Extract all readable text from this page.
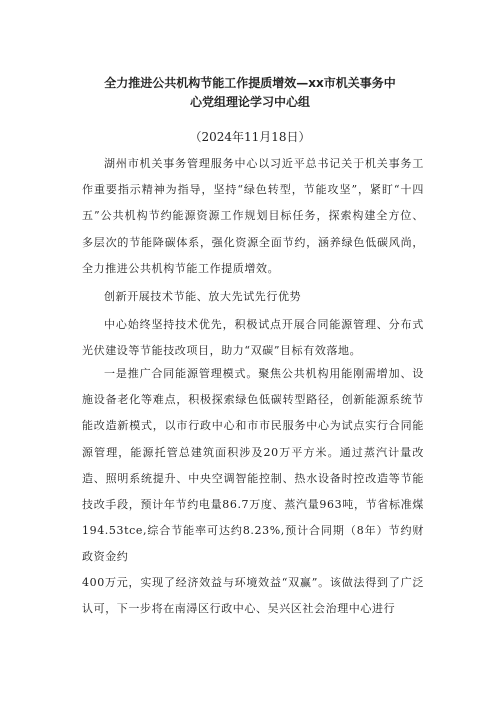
全力推进公共机构节能工作提质增效—xx市机关事务中
心党组理论学习中心组

（2024年11月18日）

湖州市机关事务管理服务中心以习近平总书记关于机关事务工作重要指示精神为指导，坚持“绿色转型，节能攻坚”，紧盯“十四五”公共机构节约能源资源工作规划目标任务，探索构建全方位、多层次的节能降碳体系，强化资源全面节约，涵养绿色低碳风尚，全力推进公共机构节能工作提质增效。

创新开展技术节能、放大先试先行优势

中心始终坚持技术优先，积极试点开展合同能源管理、分布式光伏建设等节能技改项目，助力“双碳”目标有效落地。

一是推广合同能源管理模式。聚焦公共机构用能刚需增加、设施设备老化等难点，积极探索绿色低碳转型路径，创新能源系统节能改造新模式，以市行政中心和市市民服务中心为试点实行合同能源管理，能源托管总建筑面积涉及20万平方米。通过蒸汽计量改造、照明系统提升、中央空调智能控制、热水设备时控改造等节能技改手段，预计年节约电量86.7万度、蒸汽量963吨，节省标准煤194.53tce,综合节能率可达约8.23%,预计合同期（8年）节约财政资金约

400万元，实现了经济效益与环境效益“双赢”。该做法得到了广泛认可，下一步将在南潯区行政中心、吴兴区社会治理中心进行
